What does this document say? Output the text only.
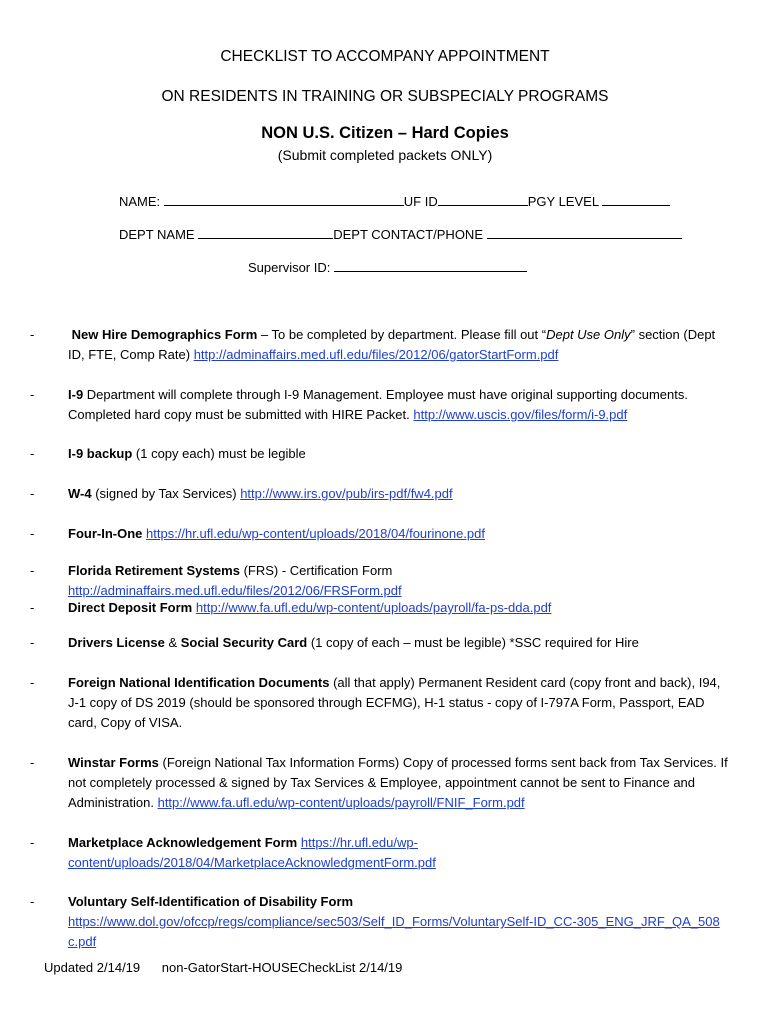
CHECKLIST TO ACCOMPANY APPOINTMENT
ON RESIDENTS IN TRAINING OR SUBSPECIALY PROGRAMS
NON U.S. Citizen – Hard Copies
(Submit completed packets ONLY)
NAME:	UF ID	PGY LEVEL
DEPT NAME	DEPT CONTACT/PHONE
Supervisor ID:
-	New Hire Demographics Form – To be completed by department. Please fill out “Dept Use Only” section (Dept ID, FTE, Comp Rate) http://adminaffairs.med.ufl.edu/files/2012/06/gatorStartForm.pdf
-	I-9 Department will complete through I-9 Management. Employee must have original supporting documents. Completed hard copy must be submitted with HIRE Packet. http://www.uscis.gov/files/form/i-9.pdf
-	I-9 backup (1 copy each) must be legible
-	W-4 (signed by Tax Services) http://www.irs.gov/pub/irs-pdf/fw4.pdf
-	Four-In-One https://hr.ufl.edu/wp-content/uploads/2018/04/fourinone.pdf
-	Florida Retirement Systems (FRS) - Certification Form http://adminaffairs.med.ufl.edu/files/2012/06/FRSForm.pdf
-	Direct Deposit Form http://www.fa.ufl.edu/wp-content/uploads/payroll/fa-ps-dda.pdf
-	Drivers License & Social Security Card (1 copy of each – must be legible) *SSC required for Hire
-	Foreign National Identification Documents (all that apply) Permanent Resident card (copy front and back), I94, J-1 copy of DS 2019 (should be sponsored through ECFMG), H-1 status - copy of I-797A Form, Passport, EAD card, Copy of VISA.
-	Winstar Forms (Foreign National Tax Information Forms) Copy of processed forms sent back from Tax Services. If not completely processed & signed by Tax Services & Employee, appointment cannot be sent to Finance and Administration. http://www.fa.ufl.edu/wp-content/uploads/payroll/FNIF_Form.pdf
-	Marketplace Acknowledgement Form https://hr.ufl.edu/wp-content/uploads/2018/04/MarketplaceAcknowledgmentForm.pdf
-	Voluntary Self-Identification of Disability Form
https://www.dol.gov/ofccp/regs/compliance/sec503/Self_ID_Forms/VoluntarySelf-ID_CC-305_ENG_JRF_QA_508c.pdf
Updated 2/14/19 non-GatorStart-HOUSECheckList 2/14/19
